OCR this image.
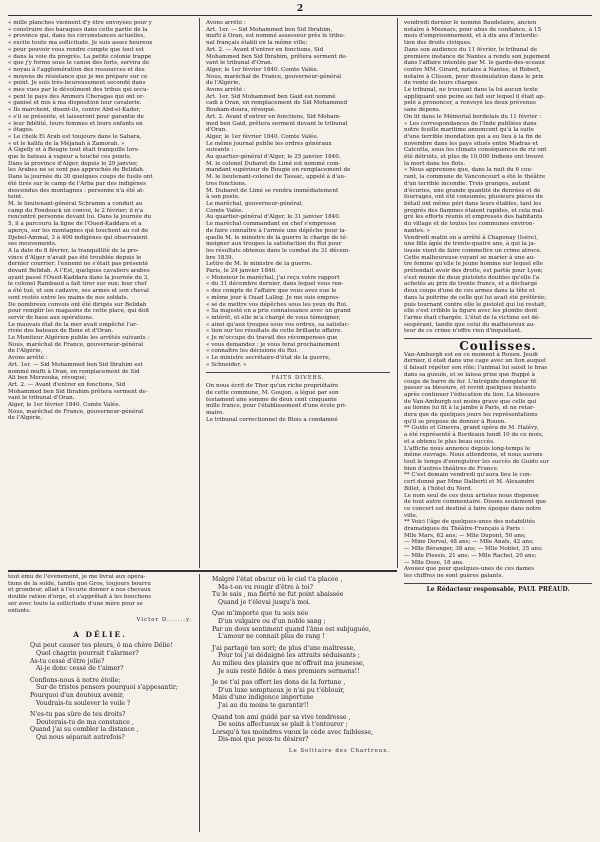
2

« mille planches viennent d'y être envoyées pour y

« construire des baraques dans cette partie de la

« province qui, dans les circonstances actuelles,

« excite toute ma sollicitude. Je suis assez heureux

« pour pouvoir vous rendre compte que tout est

« dans la voie du progrès. La petite colonie trappe

« que j'y forme sous le canon des forts, servira de

« noyau à l'agglomération des ressources et des

« moyens de résistance que je me prépare sur ce

« point. Je suis très-heureusement secondé dans

« mes vues par le dévoûment des tribus qui occu-

« pent le pays des Ammers Cheragas qui ont or-

« ganisé et mis à ma disposition leur cavalerie.

« Ils marchent, disent-ils, contre Abd-el-Kader,

« s'il se présente, et laisseront pour garantie de

« leur fidélité, leurs femmes et leurs enfants en

« ôtages.

« Le cheik El Arab est toujours dans le Sahara,

« et le kalifa de la Méjanah à Zamorah. »

A Gigelly et à Bougie tout était tranquille lors-

que le bateau à vapeur a touché ces points.

Dans la province d'Alger, depuis le 29 janvier,

les Arabes ne se sont pas approchés de Belidah.

Dans la journée du 30 quelques coups de fusils ont

été tirés sur le camp de l'Arba par des indigènes

descendus des montagnes : personne n'a été at-

teint.

M. le lieutenant-général Schramm a conduit au

camp du Fondouck un convoi, le 2 février; il n'a

rencontré personne devant lui. Dans la journée du

5, il a parcouru la ligne de l'Oued-Kaddara et a

aperçu, sur les montagnes qui touchent au col de

Djebel-Ammal, 3 à 400 indigènes qui observaient

ses mouvements.

A la date du 8 février, la tranquillité de la pro-

vince d'Alger n'avait pas été troublée depuis le

dernier courrier; l'ennemi ne s'était pas présenté

devant Belidah. A l'Est, quelques cavaliers arabes

ayant passé l'Oued-Kaddara dans la journée du 3,

le colonel Rambaud a fait tirer sur eux; leur chef

a été tué, et son cadavre, ses armes et son cheval

sont restés entre les mains de nos soldats.

De nombreux convois ont été dirigés sur Belidah

pour remplir les magasins de cette place, qui doit

servir de base aux opérations.

Le mauvais état de la mer avait empêché l'ar-

rivée des bateaux de Bone et d'Oran.

Le Moniteur Algérien publie les arrêtés suivants :

Nous, maréchal de France, gouverneur-général

de l'Algérie,

Avons arrêté :

Art. 1er. — Sid Mohammed ben Sid Ibrahim est

nommé mufti à Oran, en remplacement de Sid

Ali ben Merzouka, révoqué;

Art. 2. — Avant d'entrer en fonctions, Sid

Mohammed ben Sid Ibrahim prêtera serment de-

vant le tribunal d'Oran.

Alger, le 1er février 1840. Comte Valée.

Nous, maréchal de France, gouverneur-général

de l'Algérie,

Avons arrêté :

Art. 1er. — Sid Mohammed ben Sid Ibrahim,

mufti à Oran, est nommé assesseur près le tribu-

nal français établi en la même ville;

Art. 2. — Avant d'entrer en fonctions, Sid

Mohammed ben Sid Ibrahim, prêtera serment de-

vant le tribunal d'Oran.

Alger, le 1er février 1840. Comte Valée.

Nous, maréchal de France, gouverneur-général

de l'Algérie,

Avons arrêté :

Art. 1er. Sid Mohammed ben Gaid est nommé

cadi à Oran, en remplacement de Sid Mohammed

Boukam-doura, révoqué.

Art. 2. Avant d'entrer en fonctions, Sid Moham-

med ben Gaid, prêtera serment devant le tribunal

d'Oran.

Alger, le 1er février 1840. Comte Valée.

Le même journal publie les ordres généraux

suivants :

Au quartier-général d'Alger, le 25 janvier 1840.

M. le colonel Dubaret de Limé est nommé com-

mandant supérieur de Bougie en remplacement de

M. le lieutenant-colonel de Tassac, appelé à d'au-

tres fonctions.

M. Dubaret de Limé se rendra immédiatement

à son poste.

Le maréchal, gouverneur-général,

Comte Valée.

Au quartier-général d'Alger, le 31 janvier 1840.

Le maréchal commandant en chef s'empresse

de faire connaître à l'armée une dépêche pour la-

quelle M. le ministre de la guerre le charge de té-

moigner aux troupes la satisfaction du Roi pour

les résultats obtenus dans le combat du 31 décem-

bre 1839.

Lettre de M. le ministre de la guerre.

Paris, le 24 janvier 1840.

« Monsieur le maréchal, j'ai reçu votre rapport

« du 31 décembre dernier, dans lequel vous ren-

« dez compte de l'affaire que vous avez eue le

« même jour à Ouad Lalleg. Je me suis empres-

« sé de mettre vos dépêches sous les yeux du Roi.

« Sa majesté en a pris connaissance avec un grand

« intérêt, et elle m'a chargé de vous témoigner,

« ainsi qu'aux troupes sous vos ordres, sa satisfac-

« tion sur les résultats de cette brillante affaire.

« Je m'occupe du travail des récompenses que

« vous demandez : je vous ferai prochainement

« connaître les décisions du Roi.

« Le ministre secrétaire-d'état de la guerre,

« Schneider. »

FAITS DIVERS.

On nous écrit de Thor qu'un riche propriétaire

de cette commune, M. Goujon, a légué par son

testament une somme de deux cent cinquante

mille francs, pour l'établissement d'une école pri-

maire.

Le tribunal correctionnel de Blois a condamné

vendredi dernier le nommé Baudelaire, ancien

notaire à Mesnars, pour abus de confiance, à 15

mois d'emprisonnement, et à dix ans d'interdic-

tion des droits civiques.

Dans son audience du 11 février, le tribunal de

première instance de Nantes a rendu son jugement

dans l'affaire intentée par M. le garde-des-sceaux

contre MM. Girard, notaire à Nantes, et Robert,

notaire à Clisson, pour dissimulation dans le prix

de vente de leurs charges.

Le tribunal, ne trouvant dans la loi aucun texte

appliquant une peine au fait sur lequel il était ap-

pelé à prononcer, a renvoyé les deux prévenus

sans dépens.

On lit dans le Mémorial bordelais du 11 février :

« Les correspondances de l'Inde publiées dans

notre feuille maritime annoncent qu'à la suite

d'une terrible inondation qui a eu lieu à la fin de

novembre dans les pays situés entre Madras et

Calcutta, sous les climats conséquences de riz ont

été détruits, et plus de 10,000 Indiens ont trouvé

la mort dans les flots.

« Nous apprenons que, dans la nuit du 6 cou-

rant, la commune de Vanconcourt a été le théâtre

d'un terrible incendie. Trois granges, autant

d'écuries, une grande quantité de denrées et de

fourrages, ont été consumés; plusieurs pièces de

bétail ont même péri dans leurs étables, tant les

progrès des flammes étaient rapides, et cela mal-

gré les efforts réunis et empressés des habitants

du village et de toutes les communes environ-

nantes. »

Vendredi matin on a arrêté à Chaponay (Isère),

une fille âgée de trente-quatre ans, à qui la ja-

lousie vient de faire commettre un crime atroce.

Cette malheureuse voyant se marier à une au-

tre femme qu'elle le jeune homme sur lequel elle

prétendait avoir des droits, est partie pour Lyon;

s'est munie de deux pistolets doubles qu'elle l'a

achetés au prix de trente francs, et a déchargé

deux coups d'une de ces armes dans la tête et

dans la poitrine de celle qui lui avait été préférée;

puis tournant contre elle le pistolet qui lui restait,

elle s'est cribble la figure avec les plombs dont

l'arme était chargée. L'état de la victime est dé-

sespérant, tandis que celui du malheureux au-

teur de ce crime n'offre rien d'inquiétant.

Coulisses.

Van-Amburgh est en ce moment à Rouen. Jeudi

dernier, il était dans une cage avec un lion auquel

il faisait répéter son rôle; l'animal lui saisit le bras

dans sa gueule, et se laissa prise que frappé à

coups de barre de fer. L'intrépide dompteur fit

passer sa blessure, et revint quelques instants

après continuer l'éducation du lion. La blessure

de Van-Amburgh est moins grave que celle qui

au lionne lui fit à la jambe à Paris, et ne retar-

dera que de quelques jours les représentations

qu'il se propose de donner à Rouen.

** Guido et Ginevra, grand opéra de M. Halévy,

a été représenté à Bordeaux lundi 10 de ce mois,

et a obtenu le plus beau succès.

L'affiche nous annonce depuis long-temps le

même ouvrage. Nous attendrons, et nous aurons

tout le temps d'enregistrer les succès de Guido sur

bien d'autres théâtres de France.

** C'est demain vendredi qu'aura lieu le con-

cert donné par Mme Dalberti et M. Alexandre

Billet, à l'hôtel du Nord.

Le nom seul de ces deux artistes nous dispense

de tout autre commentaire. Disons seulement que

ce concert est destiné à faire époque dans notre

ville.

** Voici l'âge de quelques-unes des notabilités

dramatiques du Théâtre-Français à Paris :

Mlle Mars, 62 ans; — Mlle Dupont, 50 ans;

— Mme Dorval, 48 ans; — Mlle Anaïs, 42 ans;

— Mlle Béranger, 38 ans; — Mlle Noblet, 35 ans;

— Mlle Plessis, 21 ans; — Mlle Rachel, 20 ans;

— Mlle Doze, 18 ans.

Avouez que pour quelques-unes de ces dames

les chiffres ne sont guères galants.

Le Rédacteur responsable, PAUL PRÉAUD.

tout ému de l'événement, je me livrai aux opéra-

tions de la solde, tandis que Gros, toujours bourru

et grondeur, allait à l'ecurie donner à nos chevaux

double ration d'orge, et s'apprêtait à les bouchons

ser avec toute la sollicitude d'une mère pour se

enfants.

Victor D.......y.
A DÉLIE.
Qui peut causer tes pleurs, ô ma chère Délie!
Quel chagrin pourrait t'alarmer?
As-tu cessé d'être jolie?
Ai-je donc cessé de t'aimer?
Confions-nous à notre étoile;
Sur de tristes pensers pourquoi s'appesantir;
Pourquoi d'un douteux avenir,
Voudrais-tu soulever le voile ?
N'es-tu pas sûre de tes droits?
Douterais-tu de ma constance ,
Quand j'ai su combler la distance ,
Qui nous séparait autrefois?
Malgré l'état obscur où le ciel t'a placée ,
Ma-t-on vu rougir d'être à toi?
Tu le sais , ma fierté ne fut point abaissée
Quand je t'élevai jusqu'à moi.
Que m'importe que tu sois née
D'un vulgaire ou d'un noble sang ;
Par un doux sentiment quand l'âme est subjuguée,
L'amour ne connait plus de rang !
J'ai partagé ton sort; de plus d'une maîtresse,
Pour toi j'ai dédaigné les attraits séduisants ;
Au milieu des plaisirs que m'offrait ma jeunesse,
Je suis resté fidèle à mes premiers sermens!!
Je ne t'ai pas offert les dons de la fortune ,
D'un luxe somptueux je n'ai pu t'éblouir,
Mais d'une indigence importune
J'ai au du moins te garantir!!
Quand ton ami guidé par sa vive tendresse ,
De soins affectueux se plait à t'entourer ;
Lorsqu'à tes moindres vœux le cède avec faiblesse,
Dis-moi que peux-tu désirer?
Le Solitaire des Chartreux.
